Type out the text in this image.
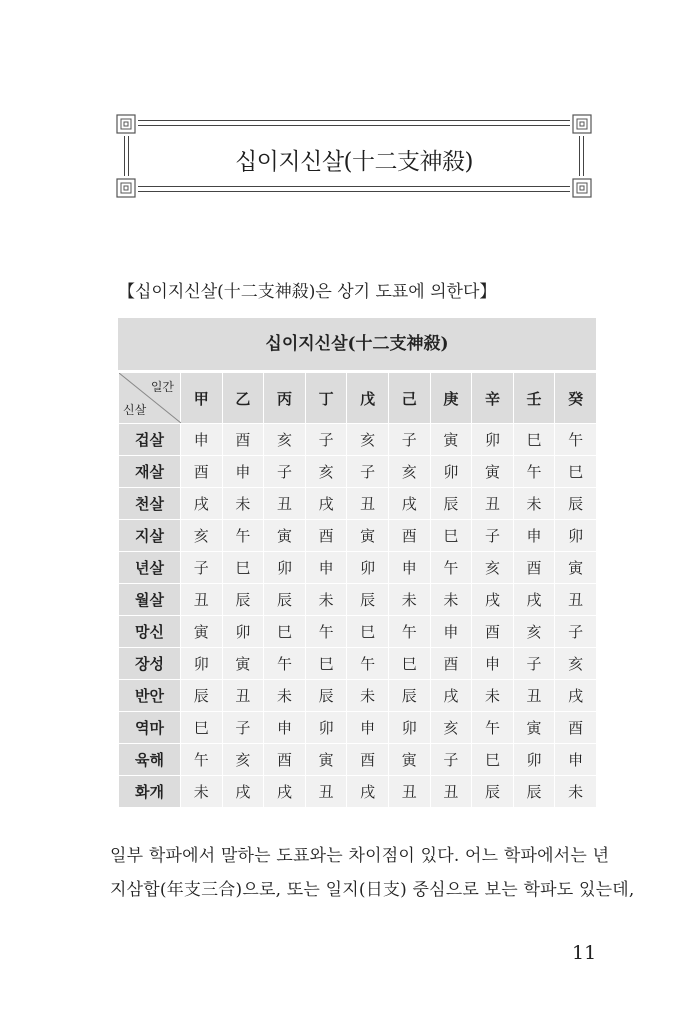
십이지신살(十二支神殺)
【십이지신살(十二支神殺)은 상기 도표에 의한다】
십이지신살(十二支神殺)
일간
신살	甲	乙	丙	丁	戊	己	庚	辛	壬	癸
겁살	申	酉	亥	子	亥	子	寅	卯	巳	午
재살	酉	申	子	亥	子	亥	卯	寅	午	巳
천살	戌	未	丑	戌	丑	戌	辰	丑	未	辰
지살	亥	午	寅	酉	寅	酉	巳	子	申	卯
년살	子	巳	卯	申	卯	申	午	亥	酉	寅
월살	丑	辰	辰	未	辰	未	未	戌	戌	丑
망신	寅	卯	巳	午	巳	午	申	酉	亥	子
장성	卯	寅	午	巳	午	巳	酉	申	子	亥
반안	辰	丑	未	辰	未	辰	戌	未	丑	戌
역마	巳	子	申	卯	申	卯	亥	午	寅	酉
육해	午	亥	酉	寅	酉	寅	子	巳	卯	申
화개	未	戌	戌	丑	戌	丑	丑	辰	辰	未
일부 학파에서 말하는 도표와는 차이점이 있다. 어느 학파에서는 년
지삼합(年支三合)으로, 또는 일지(日支) 중심으로 보는 학파도 있는데,
11
